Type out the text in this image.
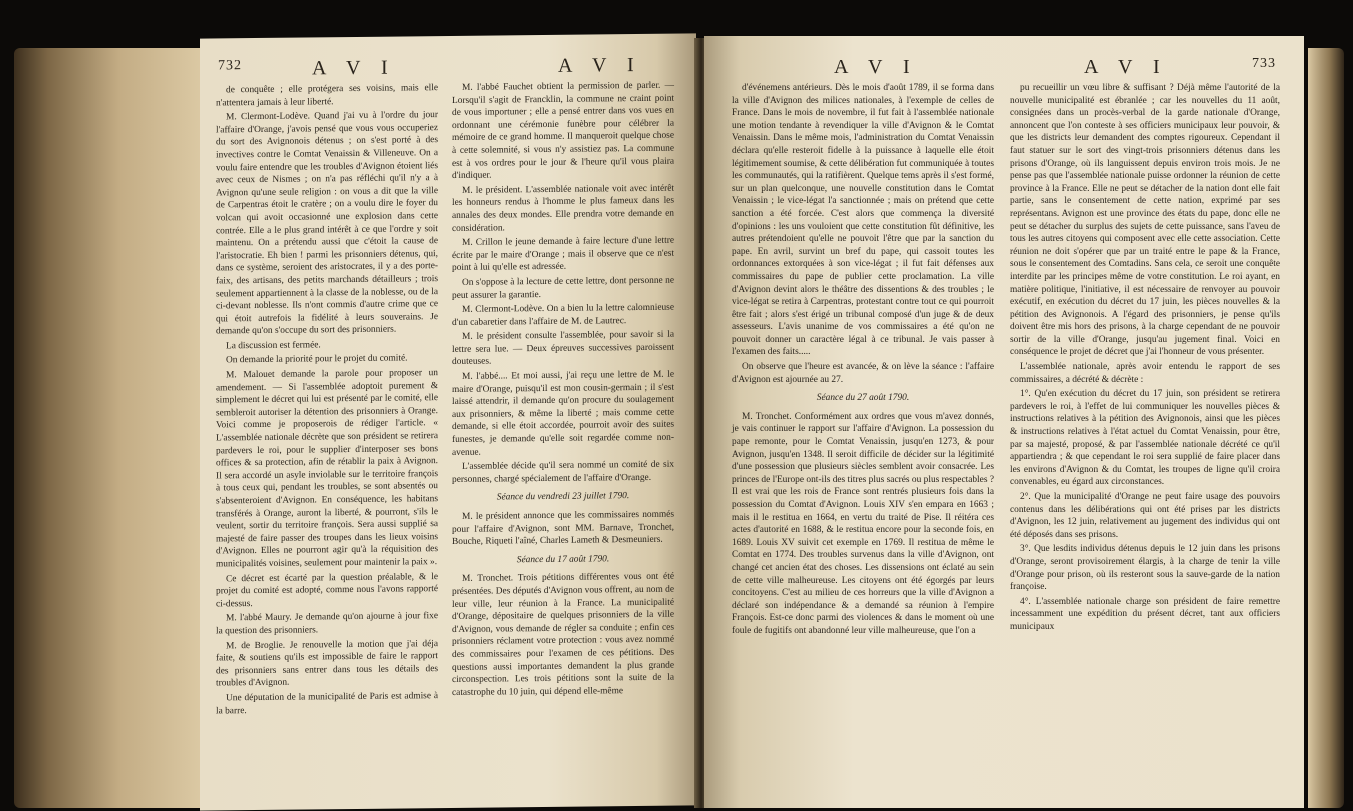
732	A V I	A V I

de conquête ; elle protégera ses voisins, mais elle n'attentera jamais à leur liberté.

M. Clermont-Lodève. Quand j'ai vu à l'ordre du jour l'affaire d'Orange, j'avois pensé que vous vous occuperiez du sort des Avignonois détenus ; on s'est porté à des invectives contre le Comtat Venaissin & Villeneuve. On a voulu faire entendre que les troubles d'Avignon étoient liés avec ceux de Nismes ; on n'a pas réfléchi qu'il n'y a à Avignon qu'une seule religion : on vous a dit que la ville de Carpentras étoit le cratère ; on a voulu dire le foyer du volcan qui avoit occasionné une explosion dans cette contrée. Elle a le plus grand intérêt à ce que l'ordre y soit maintenu. On a prétendu aussi que c'étoit la cause de l'aristocratie. Eh bien ! parmi les prisonniers détenus, qui, dans ce système, seroient des aristocrates, il y a des porte-faix, des artisans, des petits marchands détailleurs ; trois seulement appartiennent à la classe de la noblesse, ou de la ci-devant noblesse. Ils n'ont commis d'autre crime que ce qui étoit autrefois la fidélité à leurs souverains. Je demande qu'on s'occupe du sort des prisonniers.

La discussion est fermée.

On demande la priorité pour le projet du comité.

M. Malouet demande la parole pour proposer un amendement. — Si l'assemblée adoptoit purement & simplement le décret qui lui est présenté par le comité, elle sembleroit autoriser la détention des prisonniers à Orange. Voici comme je proposerois de rédiger l'article. « L'assemblée nationale décrète que son président se retirera pardevers le roi, pour le supplier d'interposer ses bons offices & sa protection, afin de rétablir la paix à Avignon. Il sera accordé un asyle inviolable sur le territoire françois à tous ceux qui, pendant les troubles, se sont absentés ou s'absenteroient d'Avignon. En conséquence, les habitans transférés à Orange, auront la liberté, & pourront, s'ils le veulent, sortir du territoire françois. Sera aussi supplié sa majesté de faire passer des troupes dans les lieux voisins d'Avignon. Elles ne pourront agir qu'à la réquisition des municipalités voisines, seulement pour maintenir la paix ».

Ce décret est écarté par la question préalable, & le projet du comité est adopté, comme nous l'avons rapporté ci-dessus.

M. l'abbé Maury. Je demande qu'on ajourne à jour fixe la question des prisonniers.

M. de Broglie. Je renouvelle la motion que j'ai déja faite, & soutiens qu'ils est impossible de faire le rapport des prisonniers sans entrer dans tous les détails des troubles d'Avignon.

Une députation de la municipalité de Paris est admise à la barre.

M. l'abbé Fauchet obtient la permission de parler. — Lorsqu'il s'agit de Francklin, la commune ne craint point de vous importuner ; elle a pensé entrer dans vos vues en ordonnant une cérémonie funèbre pour célébrer la mémoire de ce grand homme. Il manqueroit quelque chose à cette solemnité, si vous n'y assistiez pas. La commune est à vos ordres pour le jour & l'heure qu'il vous plaira d'indiquer.

M. le président. L'assemblée nationale voit avec intérêt les honneurs rendus à l'homme le plus fameux dans les annales des deux mondes. Elle prendra votre demande en considération.

M. Crillon le jeune demande à faire lecture d'une lettre écrite par le maire d'Orange ; mais il observe que ce n'est point à lui qu'elle est adressée.

On s'oppose à la lecture de cette lettre, dont personne ne peut assurer la garantie.

M. Clermont-Lodève. On a bien lu la lettre calomnieuse d'un cabaretier dans l'affaire de M. de Lautrec.

M. le président consulte l'assemblée, pour savoir si la lettre sera lue. — Deux épreuves successives paroissent douteuses.

M. l'abbé.... Et moi aussi, j'ai reçu une lettre de M. le maire d'Orange, puisqu'il est mon cousin-germain ; il s'est laissé attendrir, il demande qu'on procure du soulagement aux prisonniers, & même la liberté ; mais comme cette demande, si elle étoit accordée, pourroit avoir des suites funestes, je demande qu'elle soit regardée comme non-avenue.

L'assemblée décide qu'il sera nommé un comité de six personnes, chargé spécialement de l'affaire d'Orange.

Séance du vendredi 23 juillet 1790.

M. le président annonce que les commissaires nommés pour l'affaire d'Avignon, sont MM. Barnave, Tronchet, Bouche, Riqueti l'aîné, Charles Lameth & Desmeuniers.

Séance du 17 août 1790.

M. Tronchet. Trois pétitions différentes vous ont été présentées. Des députés d'Avignon vous offrent, au nom de leur ville, leur réunion à la France. La municipalité d'Orange, dépositaire de quelques prisonniers de la ville d'Avignon, vous demande de régler sa conduite ; enfin ces prisonniers réclament votre protection : vous avez nommé des commissaires pour l'examen de ces pétitions. Des questions aussi importantes demandent la plus grande circonspection. Les trois pétitions sont la suite de la catastrophe du 10 juin, qui dépend elle-même

A V I	A V I	733

d'événemens antérieurs. Dès le mois d'août 1789, il se forma dans la ville d'Avignon des milices nationales, à l'exemple de celles de France. Dans le mois de novembre, il fut fait à l'assemblée nationale une motion tendante à revendiquer la ville d'Avignon & le Comtat Venaissin. Dans le même mois, l'administration du Comtat Venaissin déclara qu'elle resteroit fidelle à la puissance à laquelle elle étoit légitimement soumise, & cette délibération fut communiquée à toutes les communautés, qui la ratifièrent. Quelque tems après il s'est formé, sur un plan quelconque, une nouvelle constitution dans le Comtat Venaissin ; le vice-légat l'a sanctionnée ; mais on prétend que cette sanction a été forcée. C'est alors que commença la diversité d'opinions : les uns vouloient que cette constitution fût définitive, les autres prétendoient qu'elle ne pouvoit l'être que par la sanction du pape. En avril, survint un bref du pape, qui cassoit toutes les ordonnances extorquées à son vice-légat ; il fut fait défenses aux commissaires du pape de publier cette proclamation. La ville d'Avignon devint alors le théâtre des dissentions & des troubles ; le vice-légat se retira à Carpentras, protestant contre tout ce qui pourroit être fait ; alors s'est érigé un tribunal composé d'un juge & de deux assesseurs. L'avis unanime de vos commissaires a été qu'on ne pouvoit donner un caractère légal à ce tribunal. Je vais passer à l'examen des faits.....

On observe que l'heure est avancée, & on lève la séance : l'affaire d'Avignon est ajournée au 27.

Séance du 27 août 1790.

M. Tronchet. Conformément aux ordres que vous m'avez donnés, je vais continuer le rapport sur l'affaire d'Avignon. La possession du pape remonte, pour le Comtat Venaissin, jusqu'en 1273, & pour Avignon, jusqu'en 1348. Il seroit difficile de décider sur la légitimité d'une possession que plusieurs siècles semblent avoir consacrée. Les princes de l'Europe ont-ils des titres plus sacrés ou plus respectables ? Il est vrai que les rois de France sont rentrés plusieurs fois dans la possession du Comtat d'Avignon. Louis XIV s'en empara en 1663 ; mais il le restitua en 1664, en vertu du traité de Pise. Il réitéra ces actes d'autorité en 1688, & le restitua encore pour la seconde fois, en 1689. Louis XV suivit cet exemple en 1769. Il restitua de même le Comtat en 1774. Des troubles survenus dans la ville d'Avignon, ont changé cet ancien état des choses. Les dissensions ont éclaté au sein de cette ville malheureuse. Les citoyens ont été égorgés par leurs concitoyens. C'est au milieu de ces horreurs que la ville d'Avignon a déclaré son indépendance & a demandé sa réunion à l'empire François. Est-ce donc parmi des violences & dans le moment où une foule de fugitifs ont abandonné leur ville malheureuse, que l'on a

pu recueillir un vœu libre & suffisant ? Déjà même l'autorité de la nouvelle municipalité est ébranlée ; car les nouvelles du 11 août, consignées dans un procès-verbal de la garde nationale d'Orange, annoncent que l'on conteste à ses officiers municipaux leur pouvoir, & que les districts leur demandent des comptes rigoureux. Cependant il faut statuer sur le sort des vingt-trois prisonniers détenus dans les prisons d'Orange, où ils languissent depuis environ trois mois. Je ne pense pas que l'assemblée nationale puisse ordonner la réunion de cette province à la France. Elle ne peut se détacher de la nation dont elle fait partie, sans le consentement de cette nation, exprimé par ses représentans. Avignon est une province des états du pape, donc elle ne peut se détacher du surplus des sujets de cette puissance, sans l'aveu de tous les autres citoyens qui composent avec elle cette association. Cette réunion ne doit s'opérer que par un traité entre le pape & la France, sous le consentement des Comtadins. Sans cela, ce seroit une conquête interdite par les principes même de votre constitution. Le roi ayant, en matière politique, l'initiative, il est nécessaire de renvoyer au pouvoir exécutif, en exécution du décret du 17 juin, les pièces nouvelles & la pétition des Avignonois. A l'égard des prisonniers, je pense qu'ils doivent être mis hors des prisons, à la charge cependant de ne pouvoir sortir de la ville d'Orange, jusqu'au jugement final. Voici en conséquence le projet de décret que j'ai l'honneur de vous présenter.

L'assemblée nationale, après avoir entendu le rapport de ses commissaires, a décrété & décrète :

1°. Qu'en exécution du décret du 17 juin, son président se retirera pardevers le roi, à l'effet de lui communiquer les nouvelles pièces & instructions relatives à la pétition des Avignonois, ainsi que les pièces & instructions relatives à l'état actuel du Comtat Venaissin, pour être, par sa majesté, proposé, & par l'assemblée nationale décrété ce qu'il appartiendra ; & que cependant le roi sera supplié de faire placer dans les environs d'Avignon & du Comtat, les troupes de ligne qu'il croira convenables, eu égard aux circonstances.

2°. Que la municipalité d'Orange ne peut faire usage des pouvoirs contenus dans les délibérations qui ont été prises par les districts d'Avignon, les 12 juin, relativement au jugement des individus qui ont été déposés dans ses prisons.

3°. Que lesdits individus détenus depuis le 12 juin dans les prisons d'Orange, seront provisoirement élargis, à la charge de tenir la ville d'Orange pour prison, où ils resteront sous la sauve-garde de la nation françoise.

4°. L'assemblée nationale charge son président de faire remettre incessamment une expédition du présent décret, tant aux officiers municipaux
